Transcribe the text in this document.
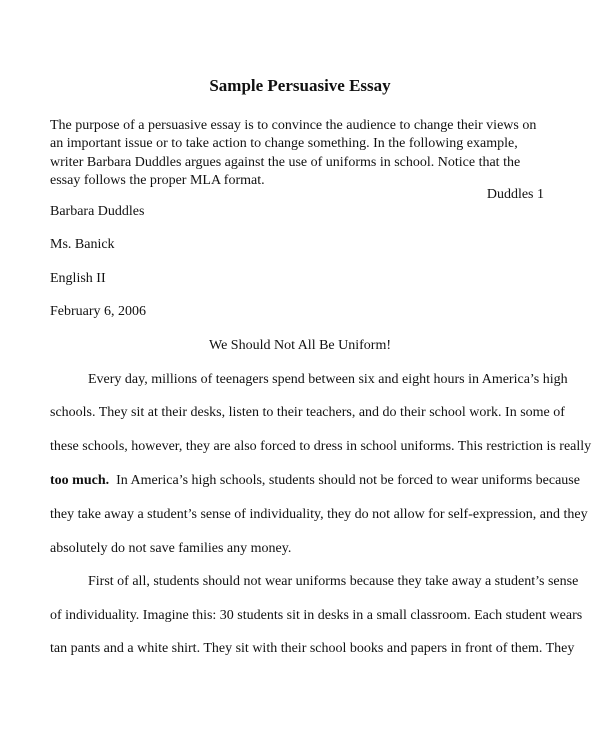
Sample Persuasive Essay

The purpose of a persuasive essay is to convince the audience to change their views on an important issue or to take action to change something. In the following example, writer Barbara Duddles argues against the use of uniforms in school. Notice that the essay follows the proper MLA format.

Duddles 1
Barbara Duddles
Ms. Banick
English II
February 6, 2006
We Should Not All Be Uniform!
Every day, millions of teenagers spend between six and eight hours in America’s high
schools. They sit at their desks, listen to their teachers, and do their school work. In some of
these schools, however, they are also forced to dress in school uniforms. This restriction is really
too much.  In America’s high schools, students should not be forced to wear uniforms because
they take away a student’s sense of individuality, they do not allow for self-expression, and they
absolutely do not save families any money.
First of all, students should not wear uniforms because they take away a student’s sense
of individuality. Imagine this: 30 students sit in desks in a small classroom. Each student wears
tan pants and a white shirt. They sit with their school books and papers in front of them. They
